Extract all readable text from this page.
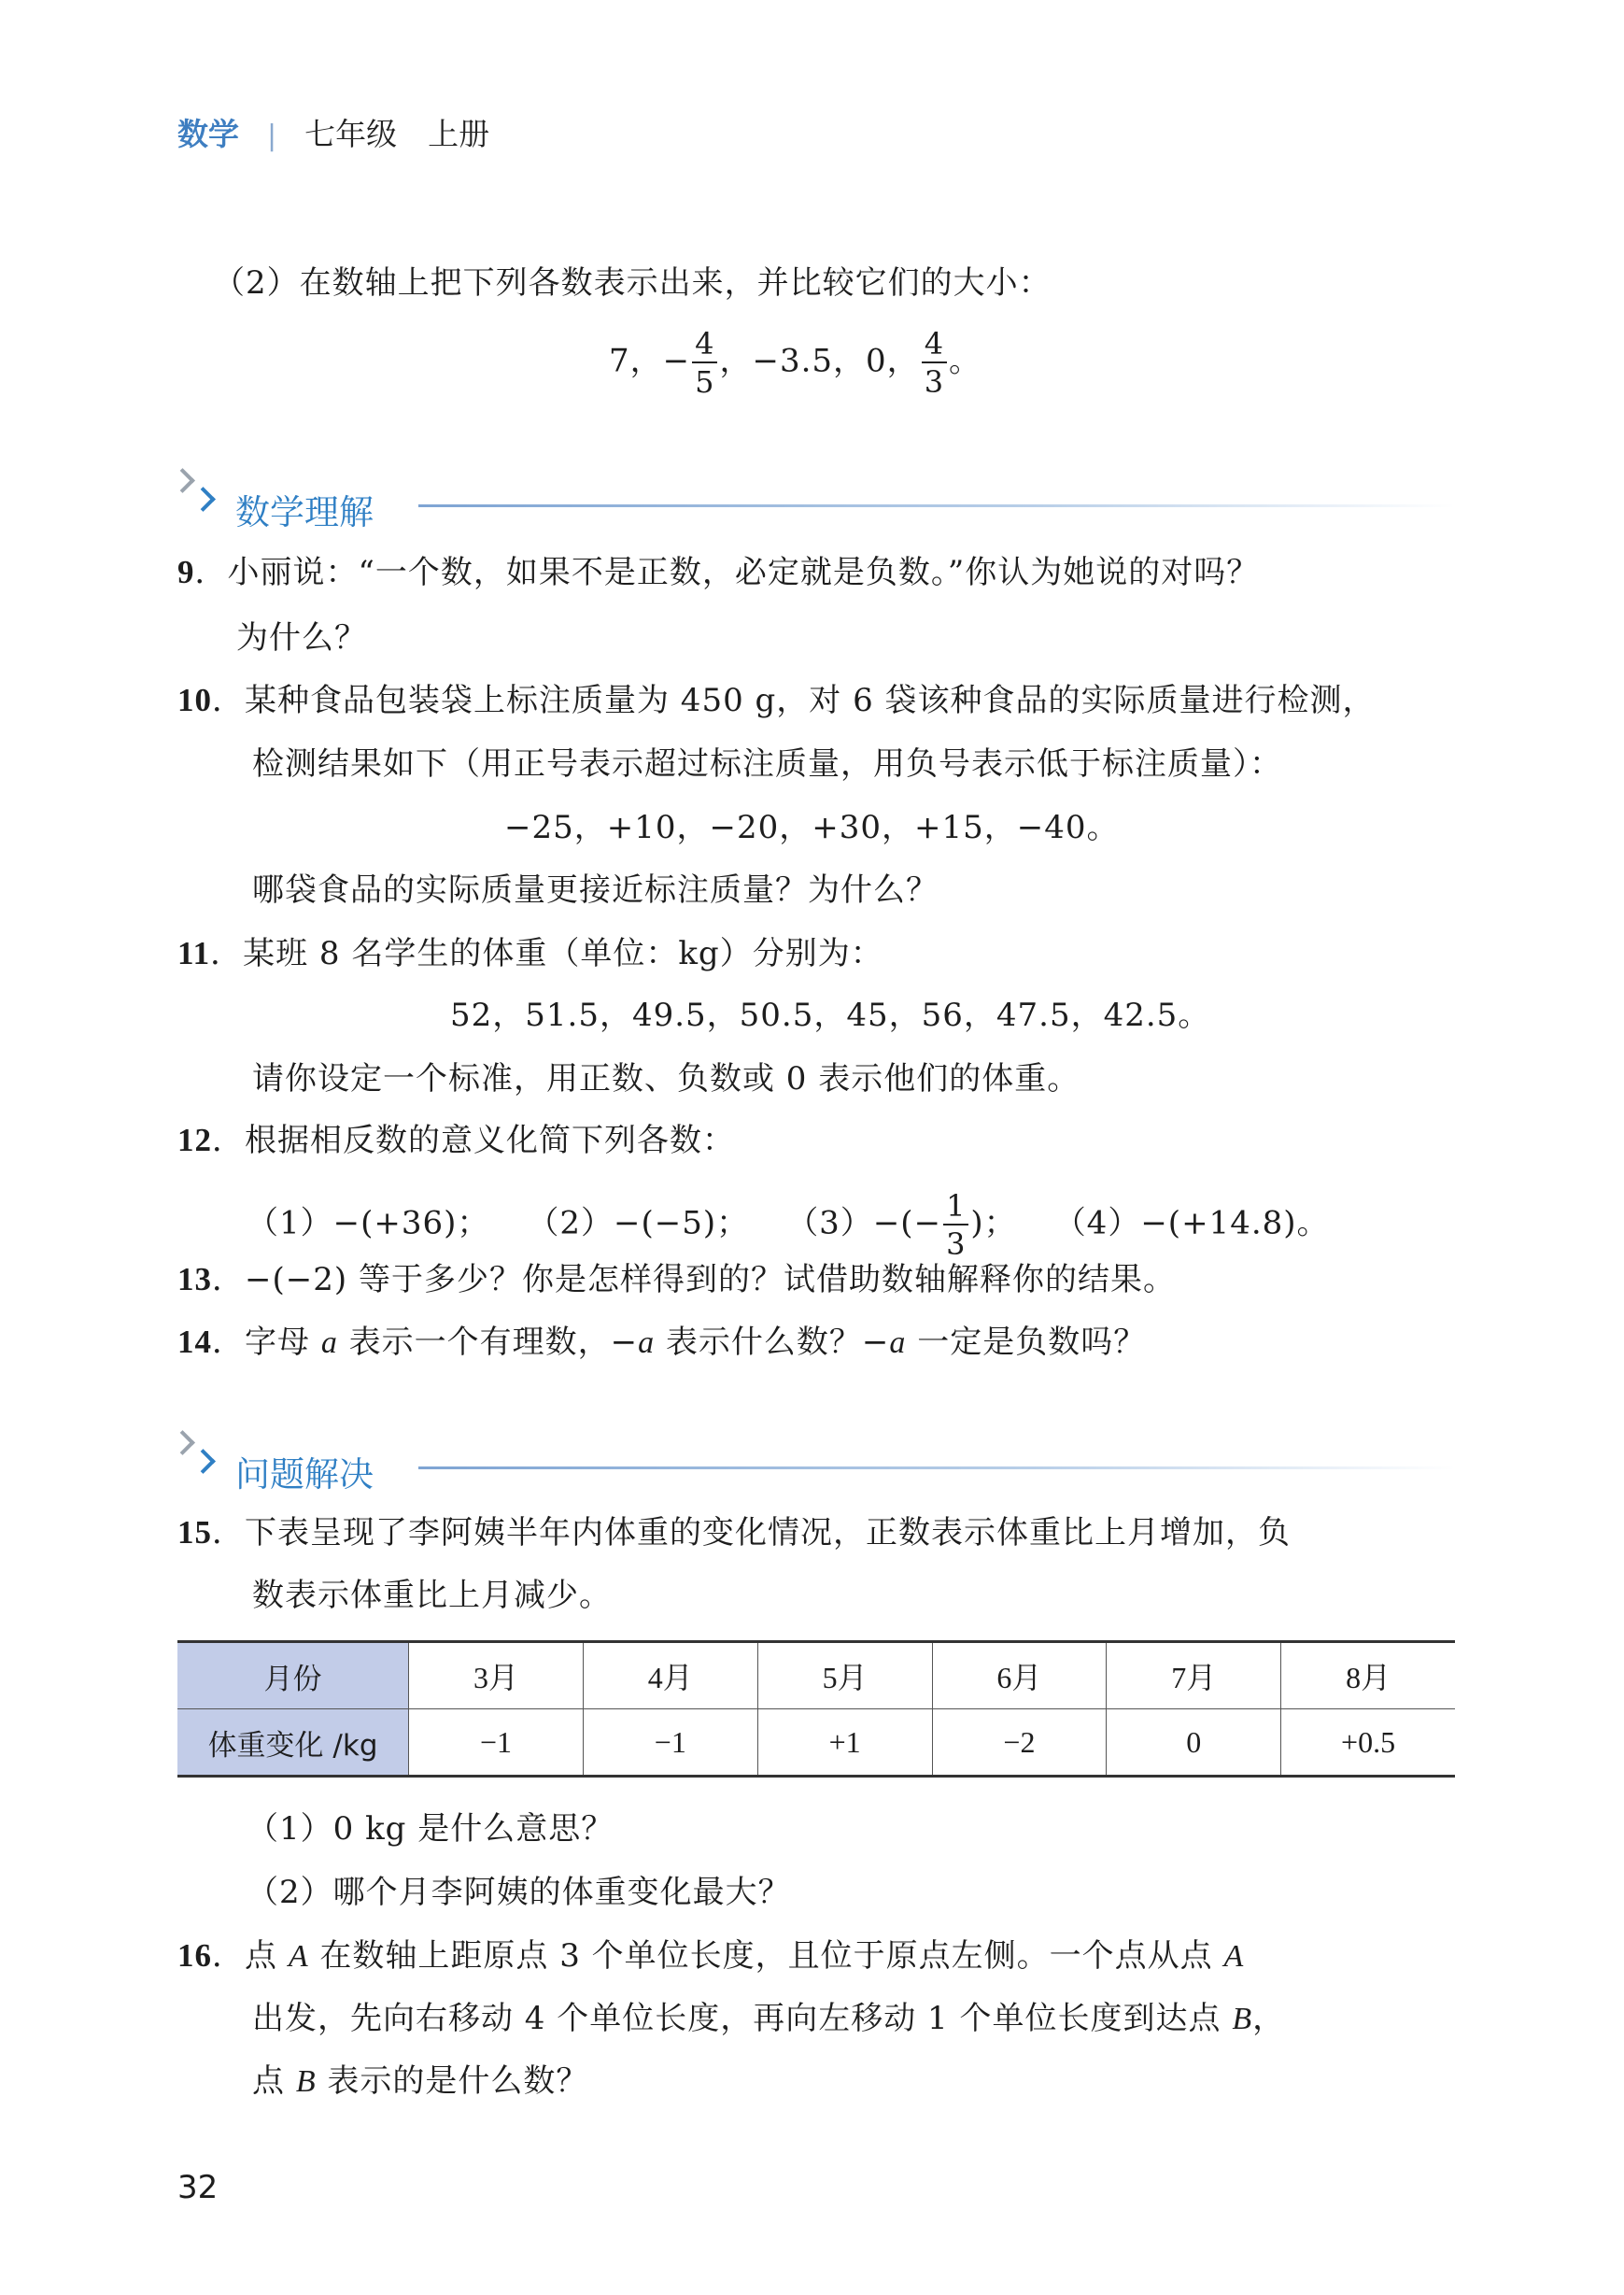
数学 | 七年级　上册
（2）在数轴上把下列各数表示出来，并比较它们的大小：
7，− $\frac{4}{5}$ ，−3.5，0， $\frac{4}{3}$ 。
数学理解
9．小丽说：“一个数，如果不是正数，必定就是负数。”你认为她说的对吗？
为什么？
10．某种食品包装袋上标注质量为 450 g，对 6 袋该种食品的实际质量进行检测，
检测结果如下（用正号表示超过标注质量，用负号表示低于标注质量）：
−25，+10，−20，+30，+15，−40。
哪袋食品的实际质量更接近标注质量？为什么？
11．某班 8 名学生的体重（单位：kg）分别为：
52，51.5，49.5，50.5，45，56，47.5，42.5。
请你设定一个标准，用正数、负数或 0 表示他们的体重。
12．根据相反数的意义化简下列各数：
（1）−(+36)； （2）−(−5)； $(3)-(- \frac{1}{3}$ )； （4）−(+14.8)。
13．−(−2) 等于多少？你是怎样得到的？试借助数轴解释你的结果。
14．字母 a 表示一个有理数，−a 表示什么数？−a 一定是负数吗？
问题解决
15．下表呈现了李阿姨半年内体重的变化情况，正数表示体重比上月增加，负
数表示体重比上月减少。
月份	3月	4月	5月	6月	7月	8月
体重变化 /kg	−1	−1	+1	−2	0	+0.5
（1）0 kg 是什么意思？
（2）哪个月李阿姨的体重变化最大？
16．点 A 在数轴上距原点 3 个单位长度，且位于原点左侧。一个点从点 A
出发，先向右移动 4 个单位长度，再向左移动 1 个单位长度到达点 B，
点 B 表示的是什么数？
32
